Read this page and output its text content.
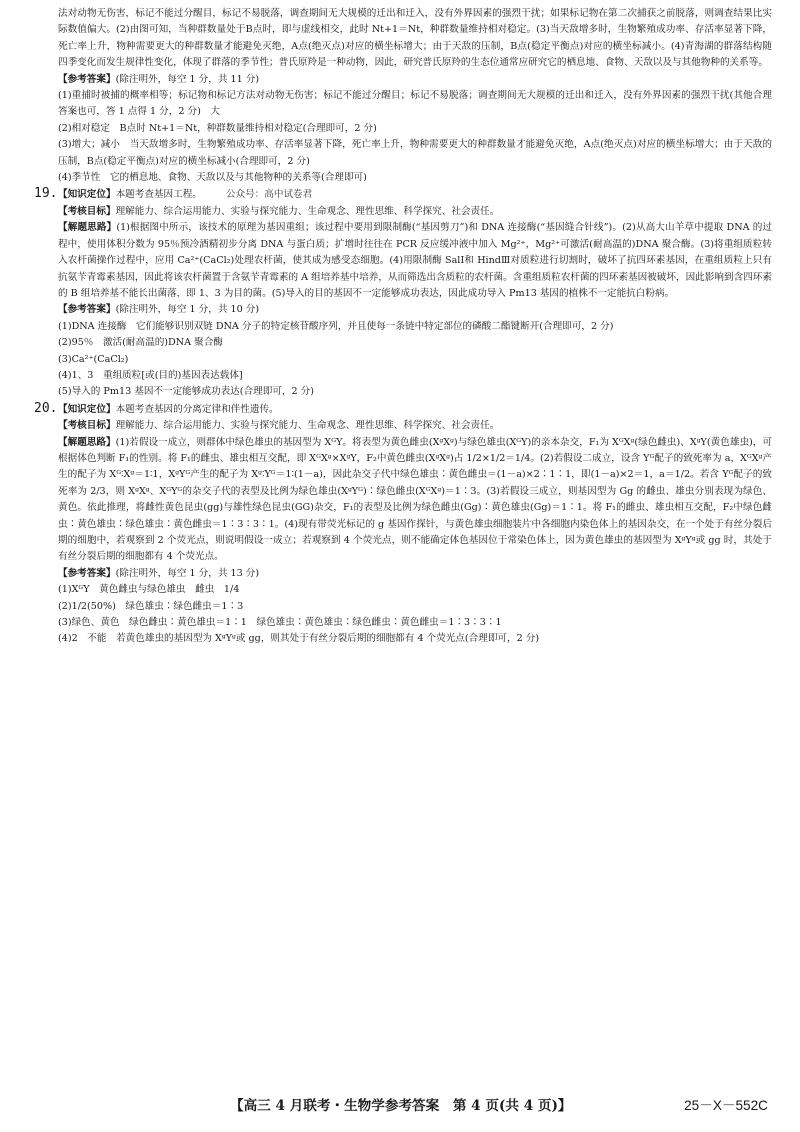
法对动物无伤害，标记不能过分醒目，标记不易脱落，调查期间无大规模的迁出和迁入，没有外界因素的强烈干扰；如果标记物在第二次捕获之前脱落，则调查结果比实际数值偏大。(2)由图可知，当种群数量处于B点时，即与虚线相交，此时 Nt+1＝Nt，种群数量维持相对稳定。(3)当天敌增多时，生物繁殖成功率、存活率显著下降，死亡率上升，物种需要更大的种群数量才能避免灭绝，A点(绝灭点)对应的横坐标增大；由于天敌的压制，B点(稳定平衡点)对应的横坐标减小。(4)青海湖的群落结构随四季变化而发生规律性变化，体现了群落的季节性；普氏原羚是一种动物，因此，研究普氏原羚的生态位通常应研究它的栖息地、食物、天敌以及与其他物种的关系等。

【参考答案】(除注明外，每空 1 分，共 11 分)

(1)重捕时被捕的概率相等；标记物和标记方法对动物无伤害；标记不能过分醒目；标记不易脱落；调查期间无大规模的迁出和迁入，没有外界因素的强烈干扰(其他合理答案也可，答 1 点得 1 分，2 分)　大

(2)相对稳定　B点时 Nt+1＝Nt，种群数量维持相对稳定(合理即可，2 分)

(3)增大；减小　当天敌增多时，生物繁殖成功率、存活率显著下降，死亡率上升，物种需要更大的种群数量才能避免灭绝，A点(绝灭点)对应的横坐标增大；由于天敌的压制，B点(稳定平衡点)对应的横坐标减小(合理即可，2 分)

(4)季节性　它的栖息地、食物、天敌以及与其他物种的关系等(合理即可)

19.【知识定位】本题考查基因工程。	公众号：高中试卷君

【考核目标】理解能力、综合运用能力、实验与探究能力、生命观念、理性思维、科学探究、社会责任。

【解题思路】(1)根据图中所示，该技术的原理为基因重组；该过程中要用到限制酶(“基因剪刀”)和 DNA 连接酶(“基因缝合针线”)。(2)从高大山羊草中提取 DNA 的过程中，使用体积分数为 95％预冷酒精初步分离 DNA 与蛋白质；扩增时往往在 PCR 反应缓冲液中加入 Mg²⁺，Mg²⁺可激活(耐高温的)DNA 聚合酶。(3)将重组质粒转入农杆菌操作过程中，应用 Ca²⁺(CaCl₂)处理农杆菌，使其成为感受态细胞。(4)用限制酶 SalⅠ和 HindⅢ对质粒进行切割时，破坏了抗四环素基因，在重组质粒上只有抗氨苄青霉素基因，因此将该农杆菌置于含氨苄青霉素的 A 组培养基中培养，从而筛选出含质粒的农杆菌。含重组质粒农杆菌的四环素基因被破坏，因此影响到含四环素的 B 组培养基不能长出菌落，即 1、3 为目的菌。(5)导入的目的基因不一定能够成功表达，因此成功导入 Pm13 基因的植株不一定能抗白粉病。

【参考答案】(除注明外，每空 1 分，共 10 分)

(1)DNA 连接酶　它们能够识别双链 DNA 分子的特定核苷酸序列，并且使每一条链中特定部位的磷酸二酯键断开(合理即可，2 分)

(2)95％　激活(耐高温的)DNA 聚合酶

(3)Ca²⁺(CaCl₂)

(4)1、3　重组质粒[或(目的)基因表达载体]

(5)导入的 Pm13 基因不一定能够成功表达(合理即可，2 分)

20.【知识定位】本题考查基因的分离定律和伴性遗传。

【考核目标】理解能力、综合运用能力、实验与探究能力、生命观念、理性思维、科学探究、社会责任。

【解题思路】(1)若假设一成立，则群体中绿色雄虫的基因型为 XᴳY。将表型为黄色雌虫(XᵍXᵍ)与绿色雄虫(XᴳY)的亲本杂交，F₁为 XᴳXᵍ(绿色雌虫)、XᵍY(黄色雄虫)，可根据体色判断 F₁的性别。将 F₁的雌虫、雄虫相互交配，即 XᴳXᵍ×XᵍY，F₂中黄色雌虫(XᵍXᵍ)占 1/2×1/2＝1/4。(2)若假设二成立，设含 Yᴳ配子的致死率为 a，XᴳXᵍ产生的配子为 Xᴳ∶Xᵍ＝1∶1，XᵍYᴳ产生的配子为 Xᵍ∶Yᴳ＝1∶(1－a)，因此杂交子代中绿色雄虫∶黄色雌虫＝(1－a)×2∶1∶1，即(1－a)×2＝1，a＝1/2。若含 Yᴳ配子的致死率为 2/3，则 XᵍXᵍ、XᴳYᴳ的杂交子代的表型及比例为绿色雄虫(XᵍYᴳ)∶绿色雌虫(XᴳXᵍ)＝1∶3。(3)若假设三成立，则基因型为 Gg 的雌虫、雄虫分别表现为绿色、黄色。依此推理，将雌性黄色昆虫(gg)与雄性绿色昆虫(GG)杂交，F₁的表型及比例为绿色雌虫(Gg)∶黄色雄虫(Gg)＝1∶1。将 F₁的雌虫、雄虫相互交配，F₂中绿色雌虫∶黄色雄虫∶绿色雄虫∶黄色雌虫＝1∶3∶3∶1。(4)现有带荧光标记的 g 基因作探针，与黄色雄虫细胞装片中各细胞内染色体上的基因杂交，在一个处于有丝分裂后期的细胞中，若观察到 2 个荧光点，则说明假设一成立；若观察到 4 个荧光点，则不能确定体色基因位于常染色体上，因为黄色雄虫的基因型为 XᵍYᵍ或 gg 时，其处于有丝分裂后期的细胞都有 4 个荧光点。

【参考答案】(除注明外，每空 1 分，共 13 分)

(1)XᴳY　黄色雌虫与绿色雄虫　雌虫　1/4

(2)1/2(50%)　绿色雄虫∶绿色雌虫＝1∶3

(3)绿色、黄色　绿色雌虫∶黄色雄虫＝1∶1　绿色雄虫∶黄色雄虫∶绿色雌虫∶黄色雌虫＝1∶3∶3∶1

(4)2　不能　若黄色雄虫的基因型为 XᵍYᵍ或 gg，则其处于有丝分裂后期的细胞都有 4 个荧光点(合理即可，2 分)

【高三 4 月联考・生物学参考答案　第 4 页(共 4 页)】	25－X－552C
